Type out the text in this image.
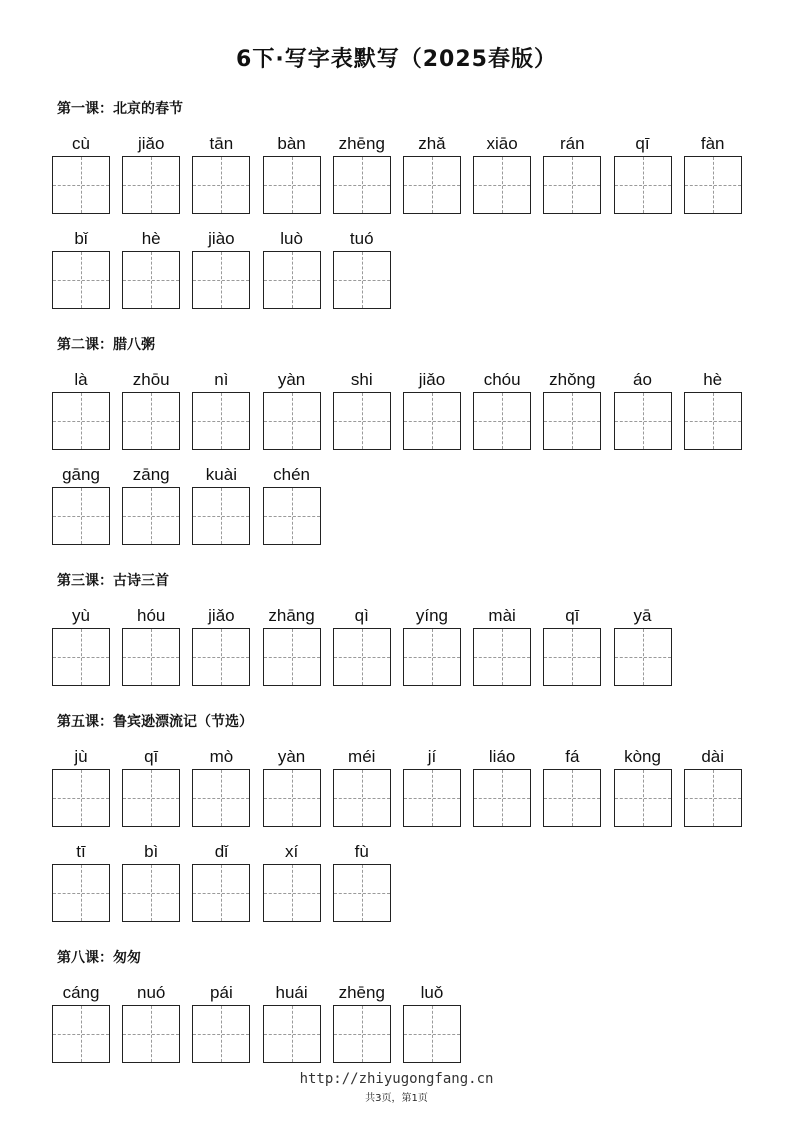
6下·写字表默写（2025春版）
第一课：北京的春节
cù	jiǎo	tān	bàn	zhēng	zhǎ	xiāo	rán	qī	fàn
bǐ	hè	jiào	luò	tuó
第二课：腊八粥
là	zhōu	nì	yàn	shi	jiǎo	chóu	zhǒng	áo	hè
gāng	zāng	kuài	chén
第三课：古诗三首
yù	hóu	jiǎo	zhāng	qì	yíng	mài	qī	yā
第五课：鲁宾逊漂流记（节选）
jù	qī	mò	yàn	méi	jí	liáo	fá	kòng	dài
tī	bì	dǐ	xí	fù
第八课：匆匆
cáng	nuó	pái	huái	zhēng	luǒ
http://zhiyugongfang.cn
共3页，第1页
